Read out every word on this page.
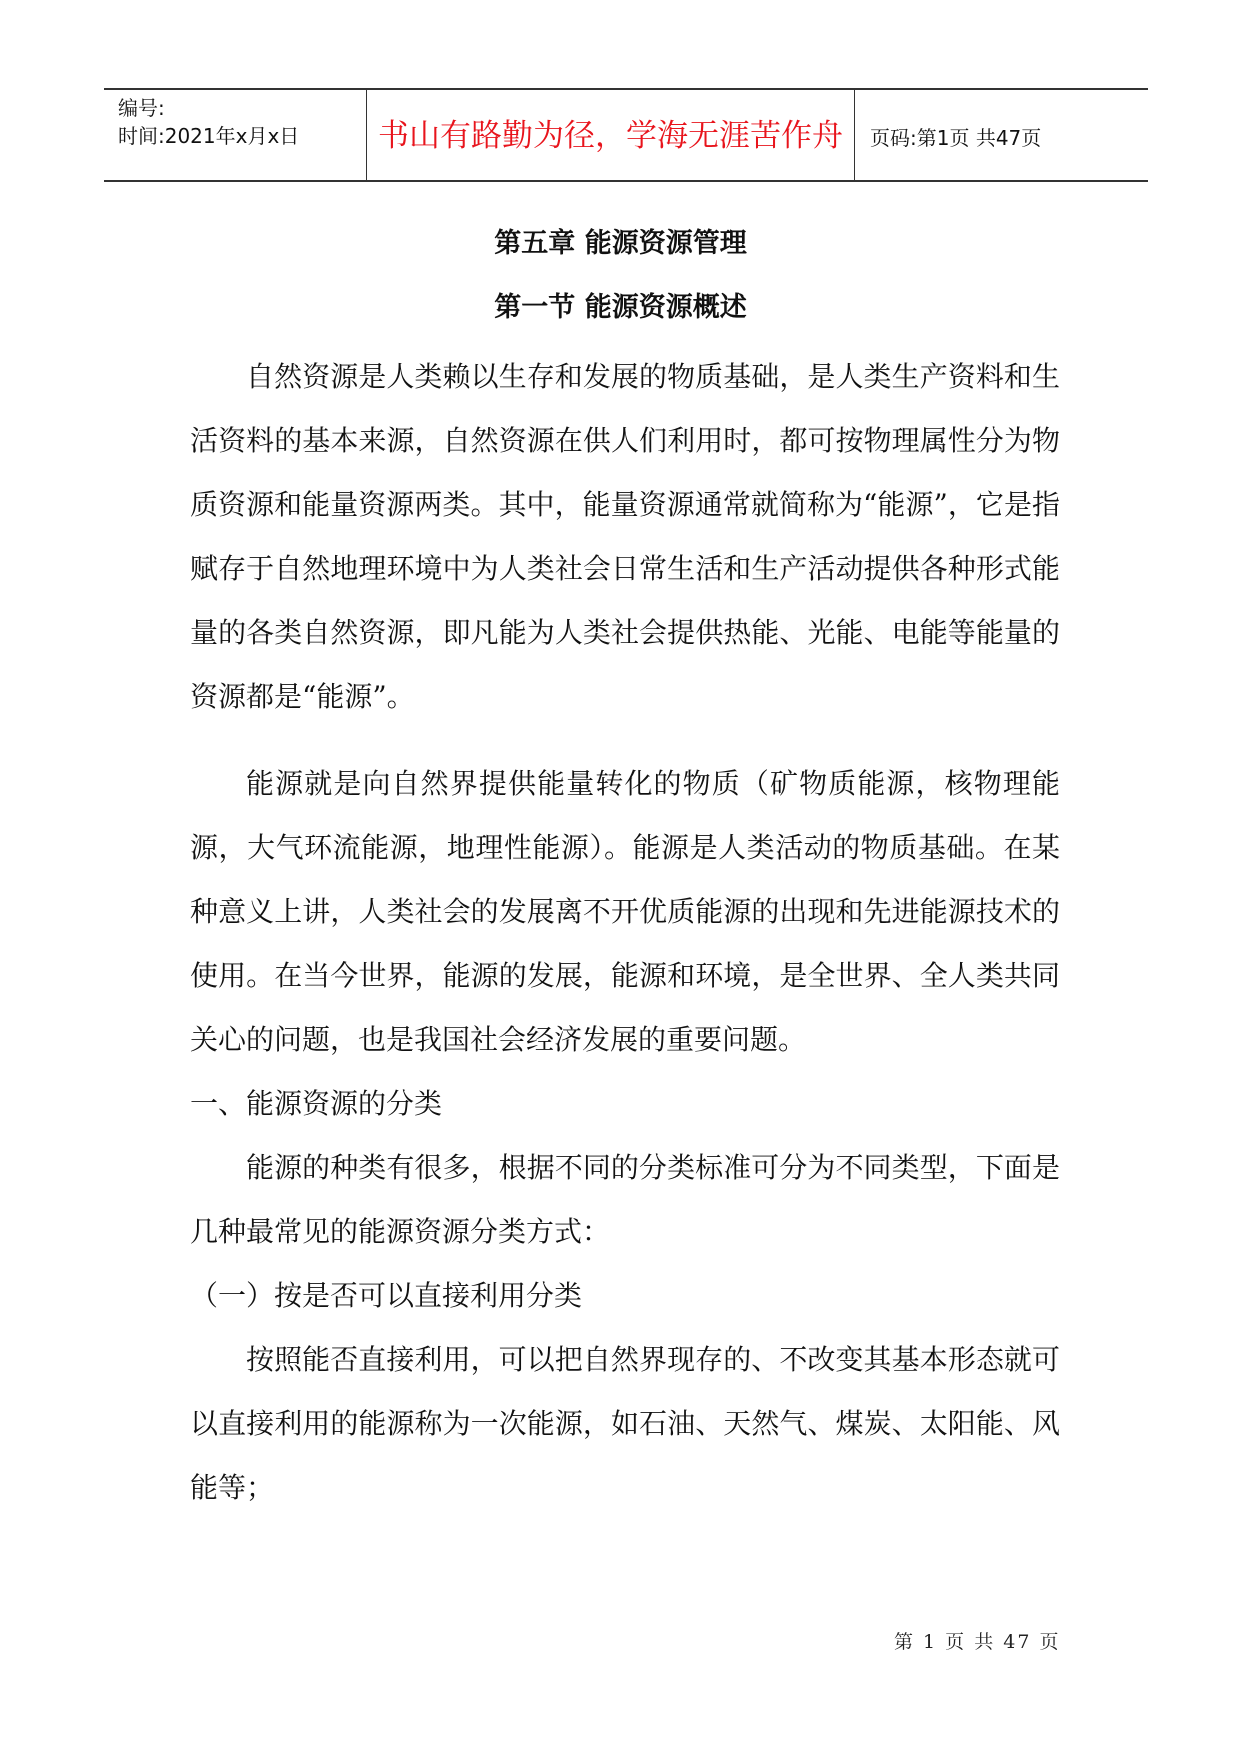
编号:
时间:2021年x月x日	书山有路勤为径，学海无涯苦作舟	页码:第1页 共47页
第五章 能源资源管理
第一节 能源资源概述

自然资源是人类赖以生存和发展的物质基础，是人类生产资料和生活资料的基本来源，自然资源在供人们利用时，都可按物理属性分为物质资源和能量资源两类。其中，能量资源通常就简称为“能源”，它是指赋存于自然地理环境中为人类社会日常生活和生产活动提供各种形式能量的各类自然资源，即凡能为人类社会提供热能、光能、电能等能量的资源都是“能源”。

能源就是向自然界提供能量转化的物质（矿物质能源，核物理能源，大气环流能源，地理性能源）。能源是人类活动的物质基础。在某种意义上讲，人类社会的发展离不开优质能源的出现和先进能源技术的使用。在当今世界，能源的发展，能源和环境，是全世界、全人类共同关心的问题，也是我国社会经济发展的重要问题。

一、能源资源的分类

能源的种类有很多，根据不同的分类标准可分为不同类型，下面是几种最常见的能源资源分类方式：

（一）按是否可以直接利用分类

按照能否直接利用，可以把自然界现存的、不改变其基本形态就可以直接利用的能源称为一次能源，如石油、天然气、煤炭、太阳能、风能等；

第 1 页 共 47 页
